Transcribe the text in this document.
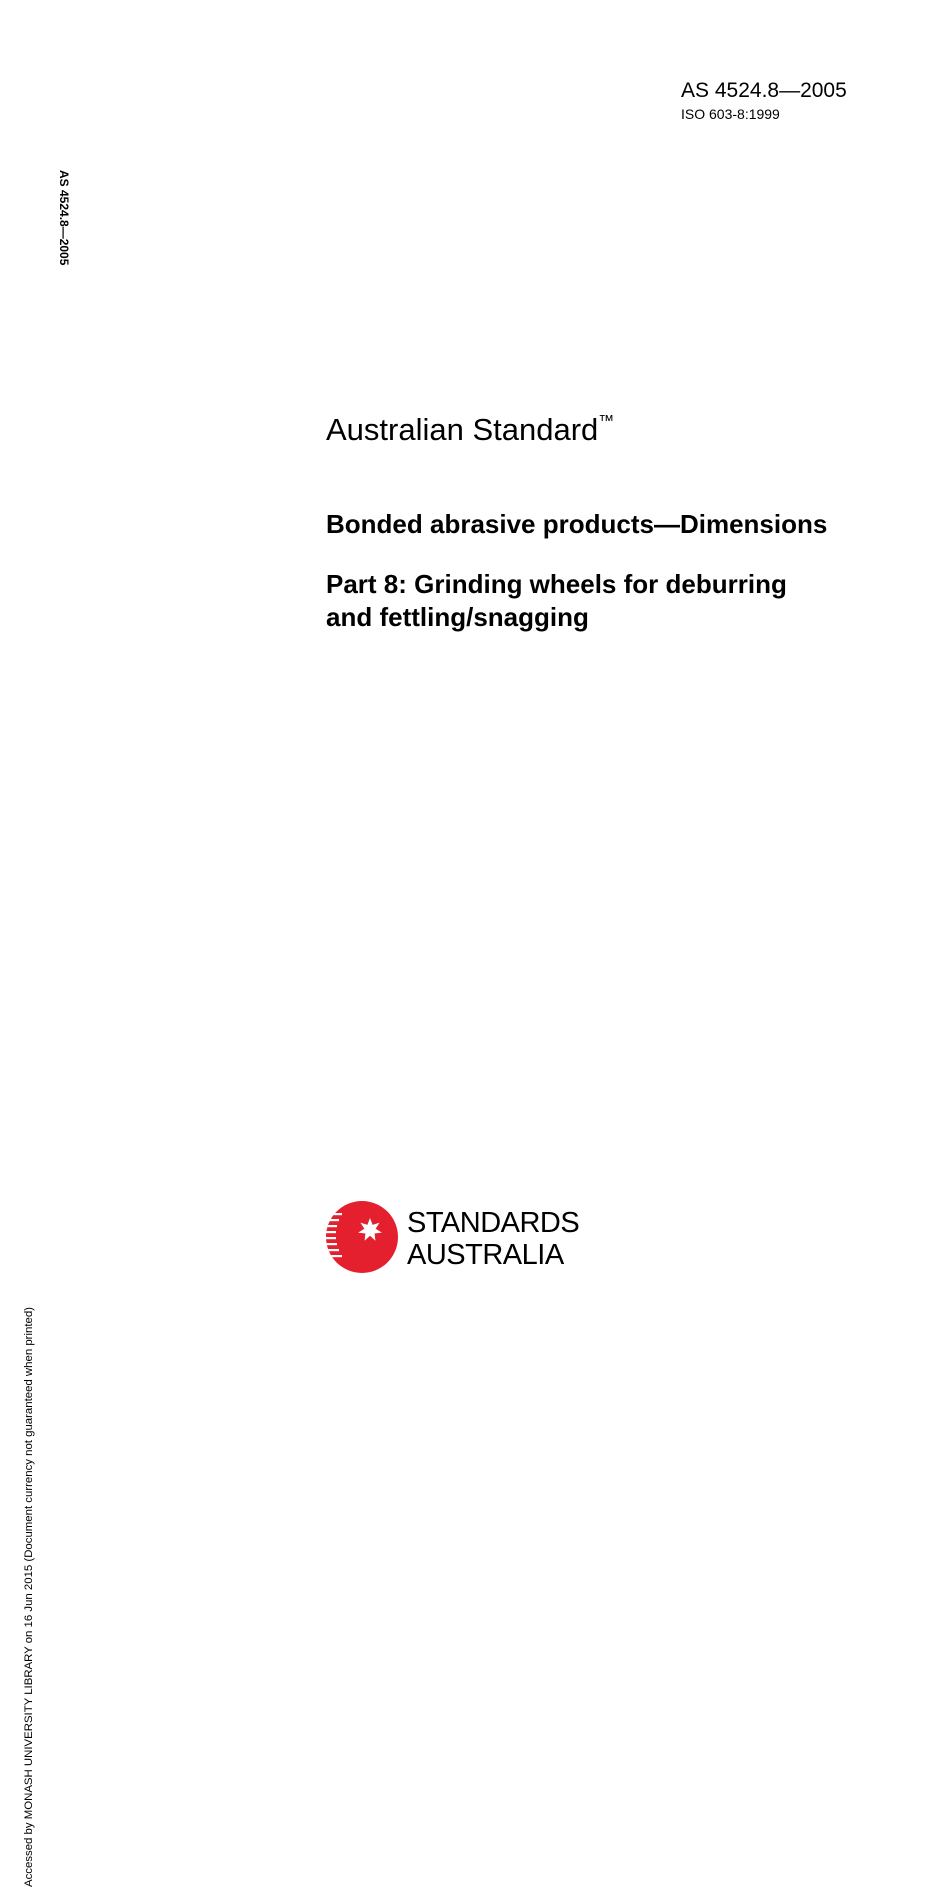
AS 4524.8—2005
ISO 603-8:1999
AS 4524.8—2005
Accessed by MONASH UNIVERSITY LIBRARY on 16 Jun 2015 (Document currency not guaranteed when printed)
Australian Standard™
Bonded abrasive products—Dimensions
Part 8: Grinding wheels for deburring
and fettling/snagging
STANDARDS
AUSTRALIA
